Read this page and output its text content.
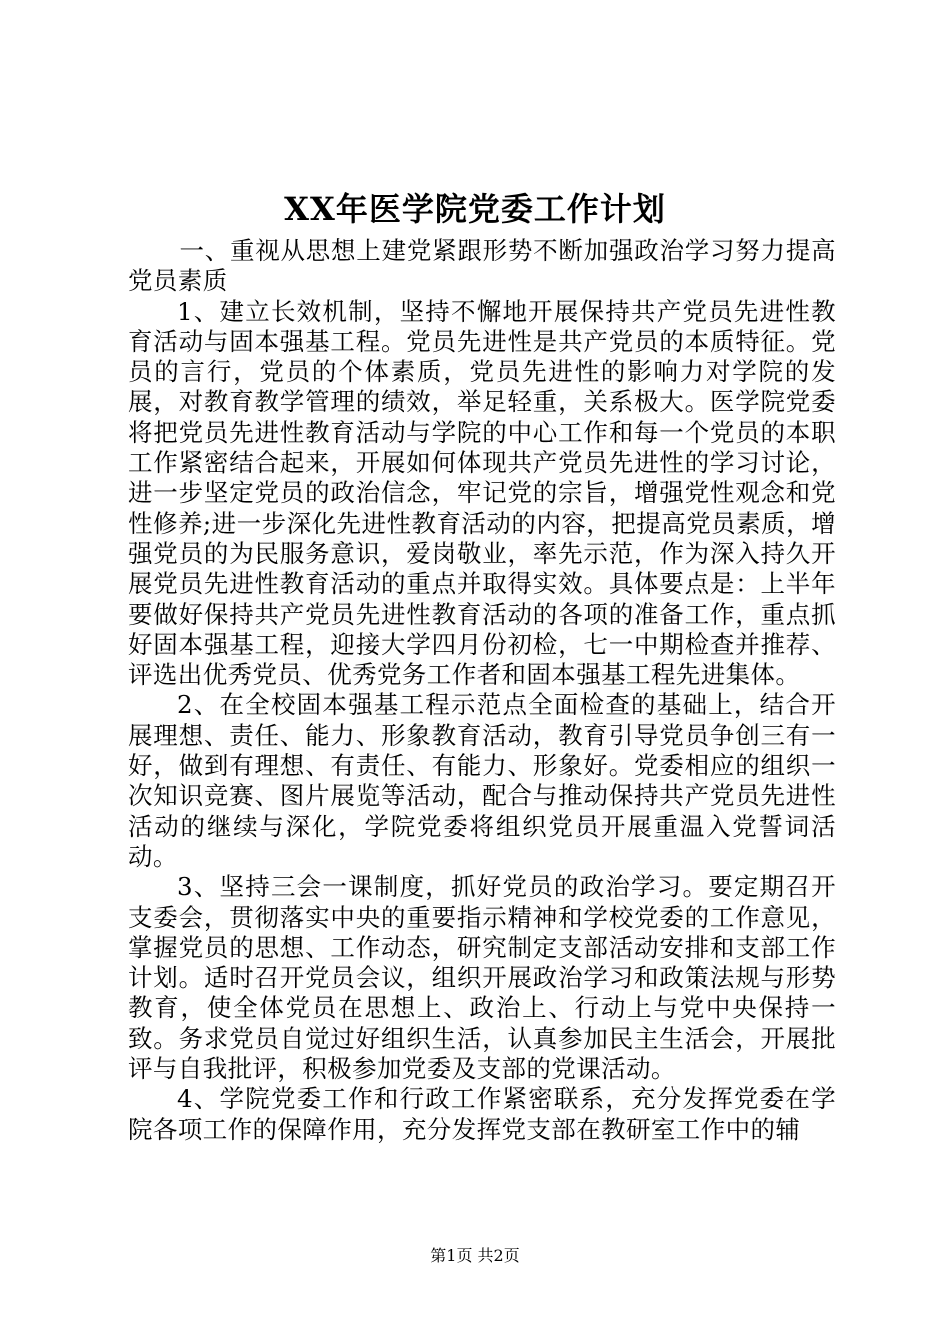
XX年医学院党委工作计划

一、重视从思想上建党紧跟形势不断加强政治学习努力提高党员素质

1、建立长效机制，坚持不懈地开展保持共产党员先进性教育活动与固本强基工程。党员先进性是共产党员的本质特征。党员的言行，党员的个体素质，党员先进性的影响力对学院的发展，对教育教学管理的绩效，举足轻重，关系极大。医学院党委将把党员先进性教育活动与学院的中心工作和每一个党员的本职工作紧密结合起来，开展如何体现共产党员先进性的学习讨论，进一步坚定党员的政治信念，牢记党的宗旨，增强党性观念和党性修养;进一步深化先进性教育活动的内容，把提高党员素质，增强党员的为民服务意识，爱岗敬业，率先示范，作为深入持久开展党员先进性教育活动的重点并取得实效。具体要点是：上半年要做好保持共产党员先进性教育活动的各项的准备工作，重点抓好固本强基工程，迎接大学四月份初检，七一中期检查并推荐、评选出优秀党员、优秀党务工作者和固本强基工程先进集体。

2、在全校固本强基工程示范点全面检查的基础上，结合开展理想、责任、能力、形象教育活动，教育引导党员争创三有一好，做到有理想、有责任、有能力、形象好。党委相应的组织一次知识竞赛、图片展览等活动，配合与推动保持共产党员先进性活动的继续与深化，学院党委将组织党员开展重温入党誓词活动。

3、坚持三会一课制度，抓好党员的政治学习。要定期召开支委会，贯彻落实中央的重要指示精神和学校党委的工作意见，掌握党员的思想、工作动态，研究制定支部活动安排和支部工作计划。适时召开党员会议，组织开展政治学习和政策法规与形势教育，使全体党员在思想上、政治上、行动上与党中央保持一致。务求党员自觉过好组织生活，认真参加民主生活会，开展批评与自我批评，积极参加党委及支部的党课活动。

4、学院党委工作和行政工作紧密联系，充分发挥党委在学院各项工作的保障作用，充分发挥党支部在教研室工作中的辅

第1页 共2页
